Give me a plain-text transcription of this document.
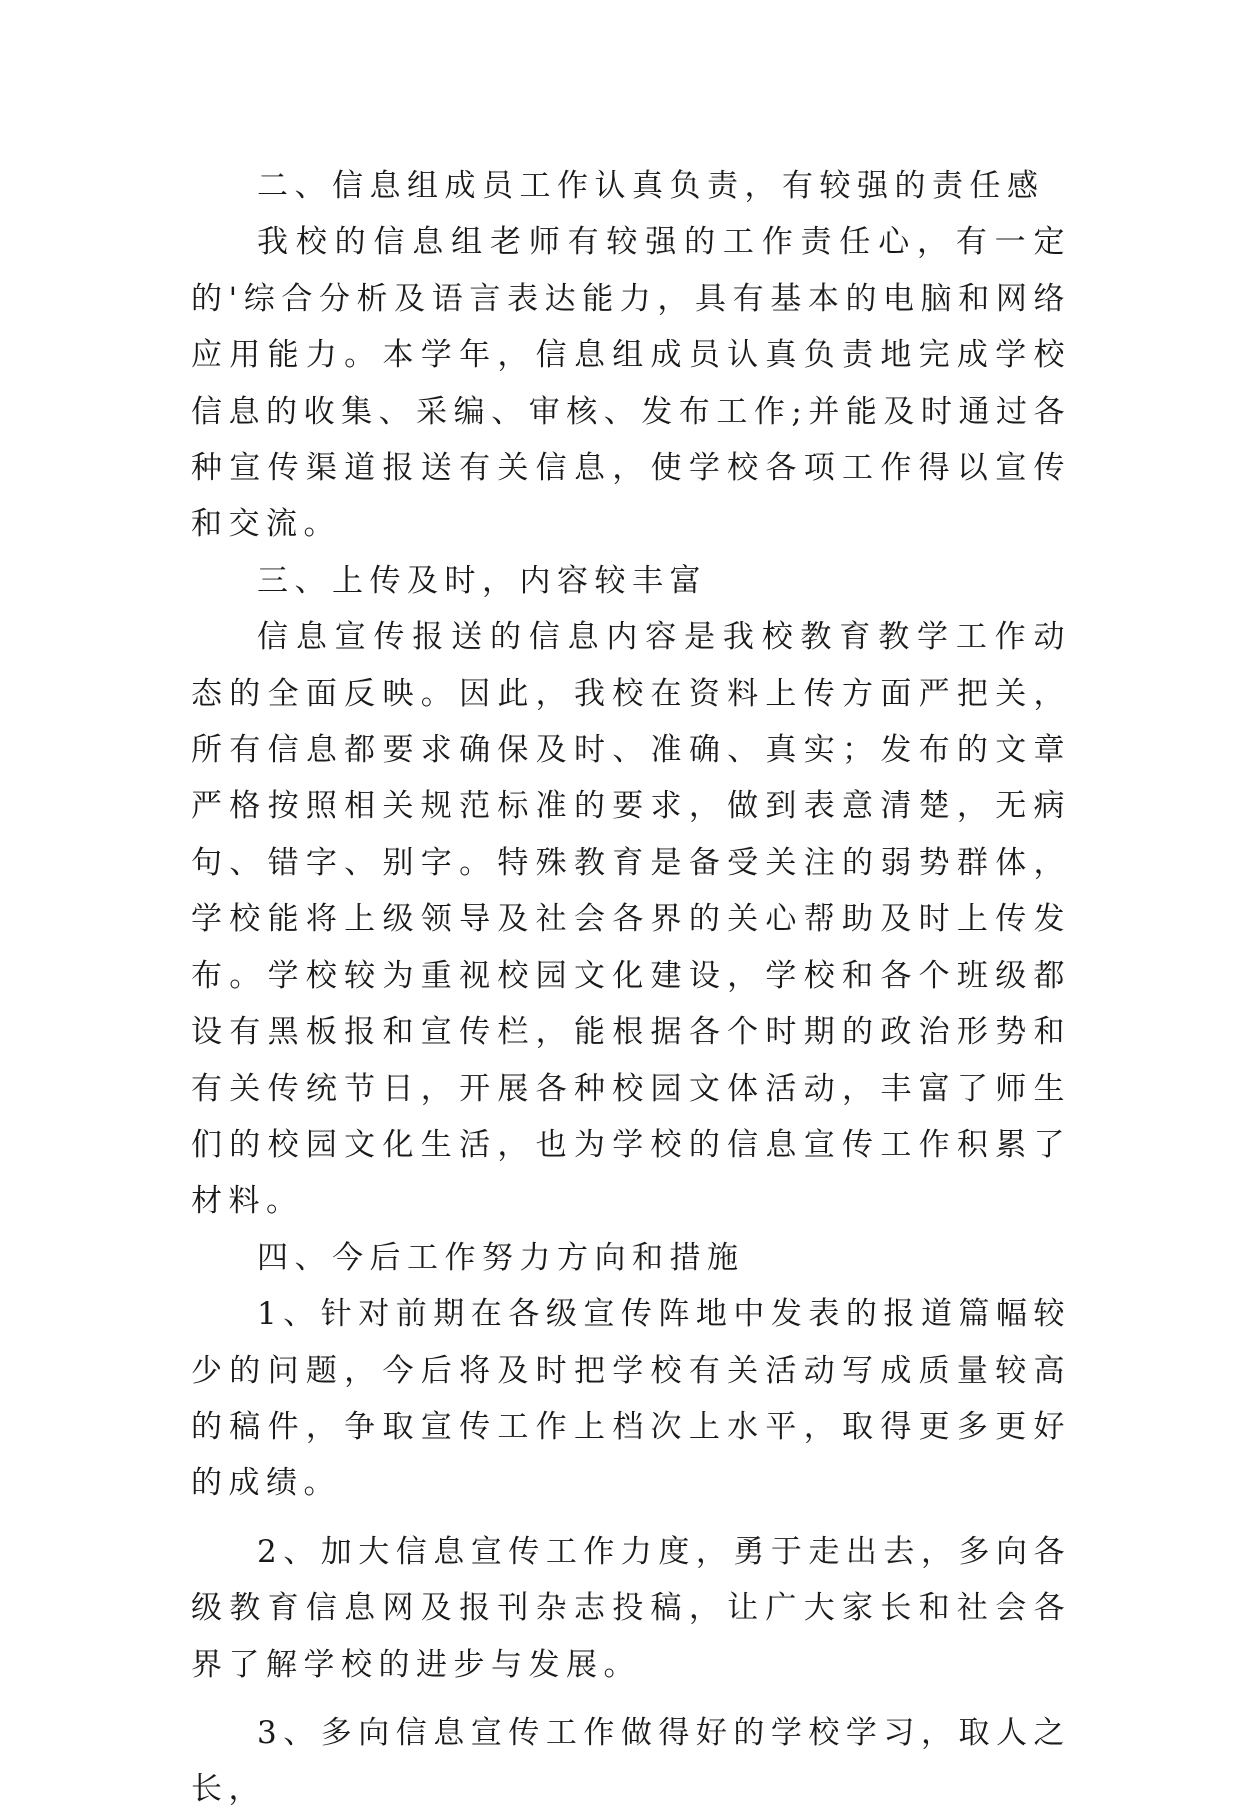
二、信息组成员工作认真负责，有较强的责任感

我校的信息组老师有较强的工作责任心，有一定的'综合分析及语言表达能力，具有基本的电脑和网络应用能力。本学年，信息组成员认真负责地完成学校信息的收集、采编、审核、发布工作;并能及时通过各种宣传渠道报送有关信息，使学校各项工作得以宣传和交流。

三、上传及时，内容较丰富

信息宣传报送的信息内容是我校教育教学工作动态的全面反映。因此，我校在资料上传方面严把关，所有信息都要求确保及时、准确、真实；发布的文章严格按照相关规范标准的要求，做到表意清楚，无病句、错字、别字。特殊教育是备受关注的弱势群体，学校能将上级领导及社会各界的关心帮助及时上传发布。学校较为重视校园文化建设，学校和各个班级都设有黑板报和宣传栏，能根据各个时期的政治形势和有关传统节日，开展各种校园文体活动，丰富了师生们的校园文化生活，也为学校的信息宣传工作积累了材料。

四、今后工作努力方向和措施

1、针对前期在各级宣传阵地中发表的报道篇幅较少的问题，今后将及时把学校有关活动写成质量较高的稿件，争取宣传工作上档次上水平，取得更多更好的成绩。

2、加大信息宣传工作力度，勇于走出去，多向各级教育信息网及报刊杂志投稿，让广大家长和社会各界了解学校的进步与发展。

3、多向信息宣传工作做得好的学校学习，取人之长，
